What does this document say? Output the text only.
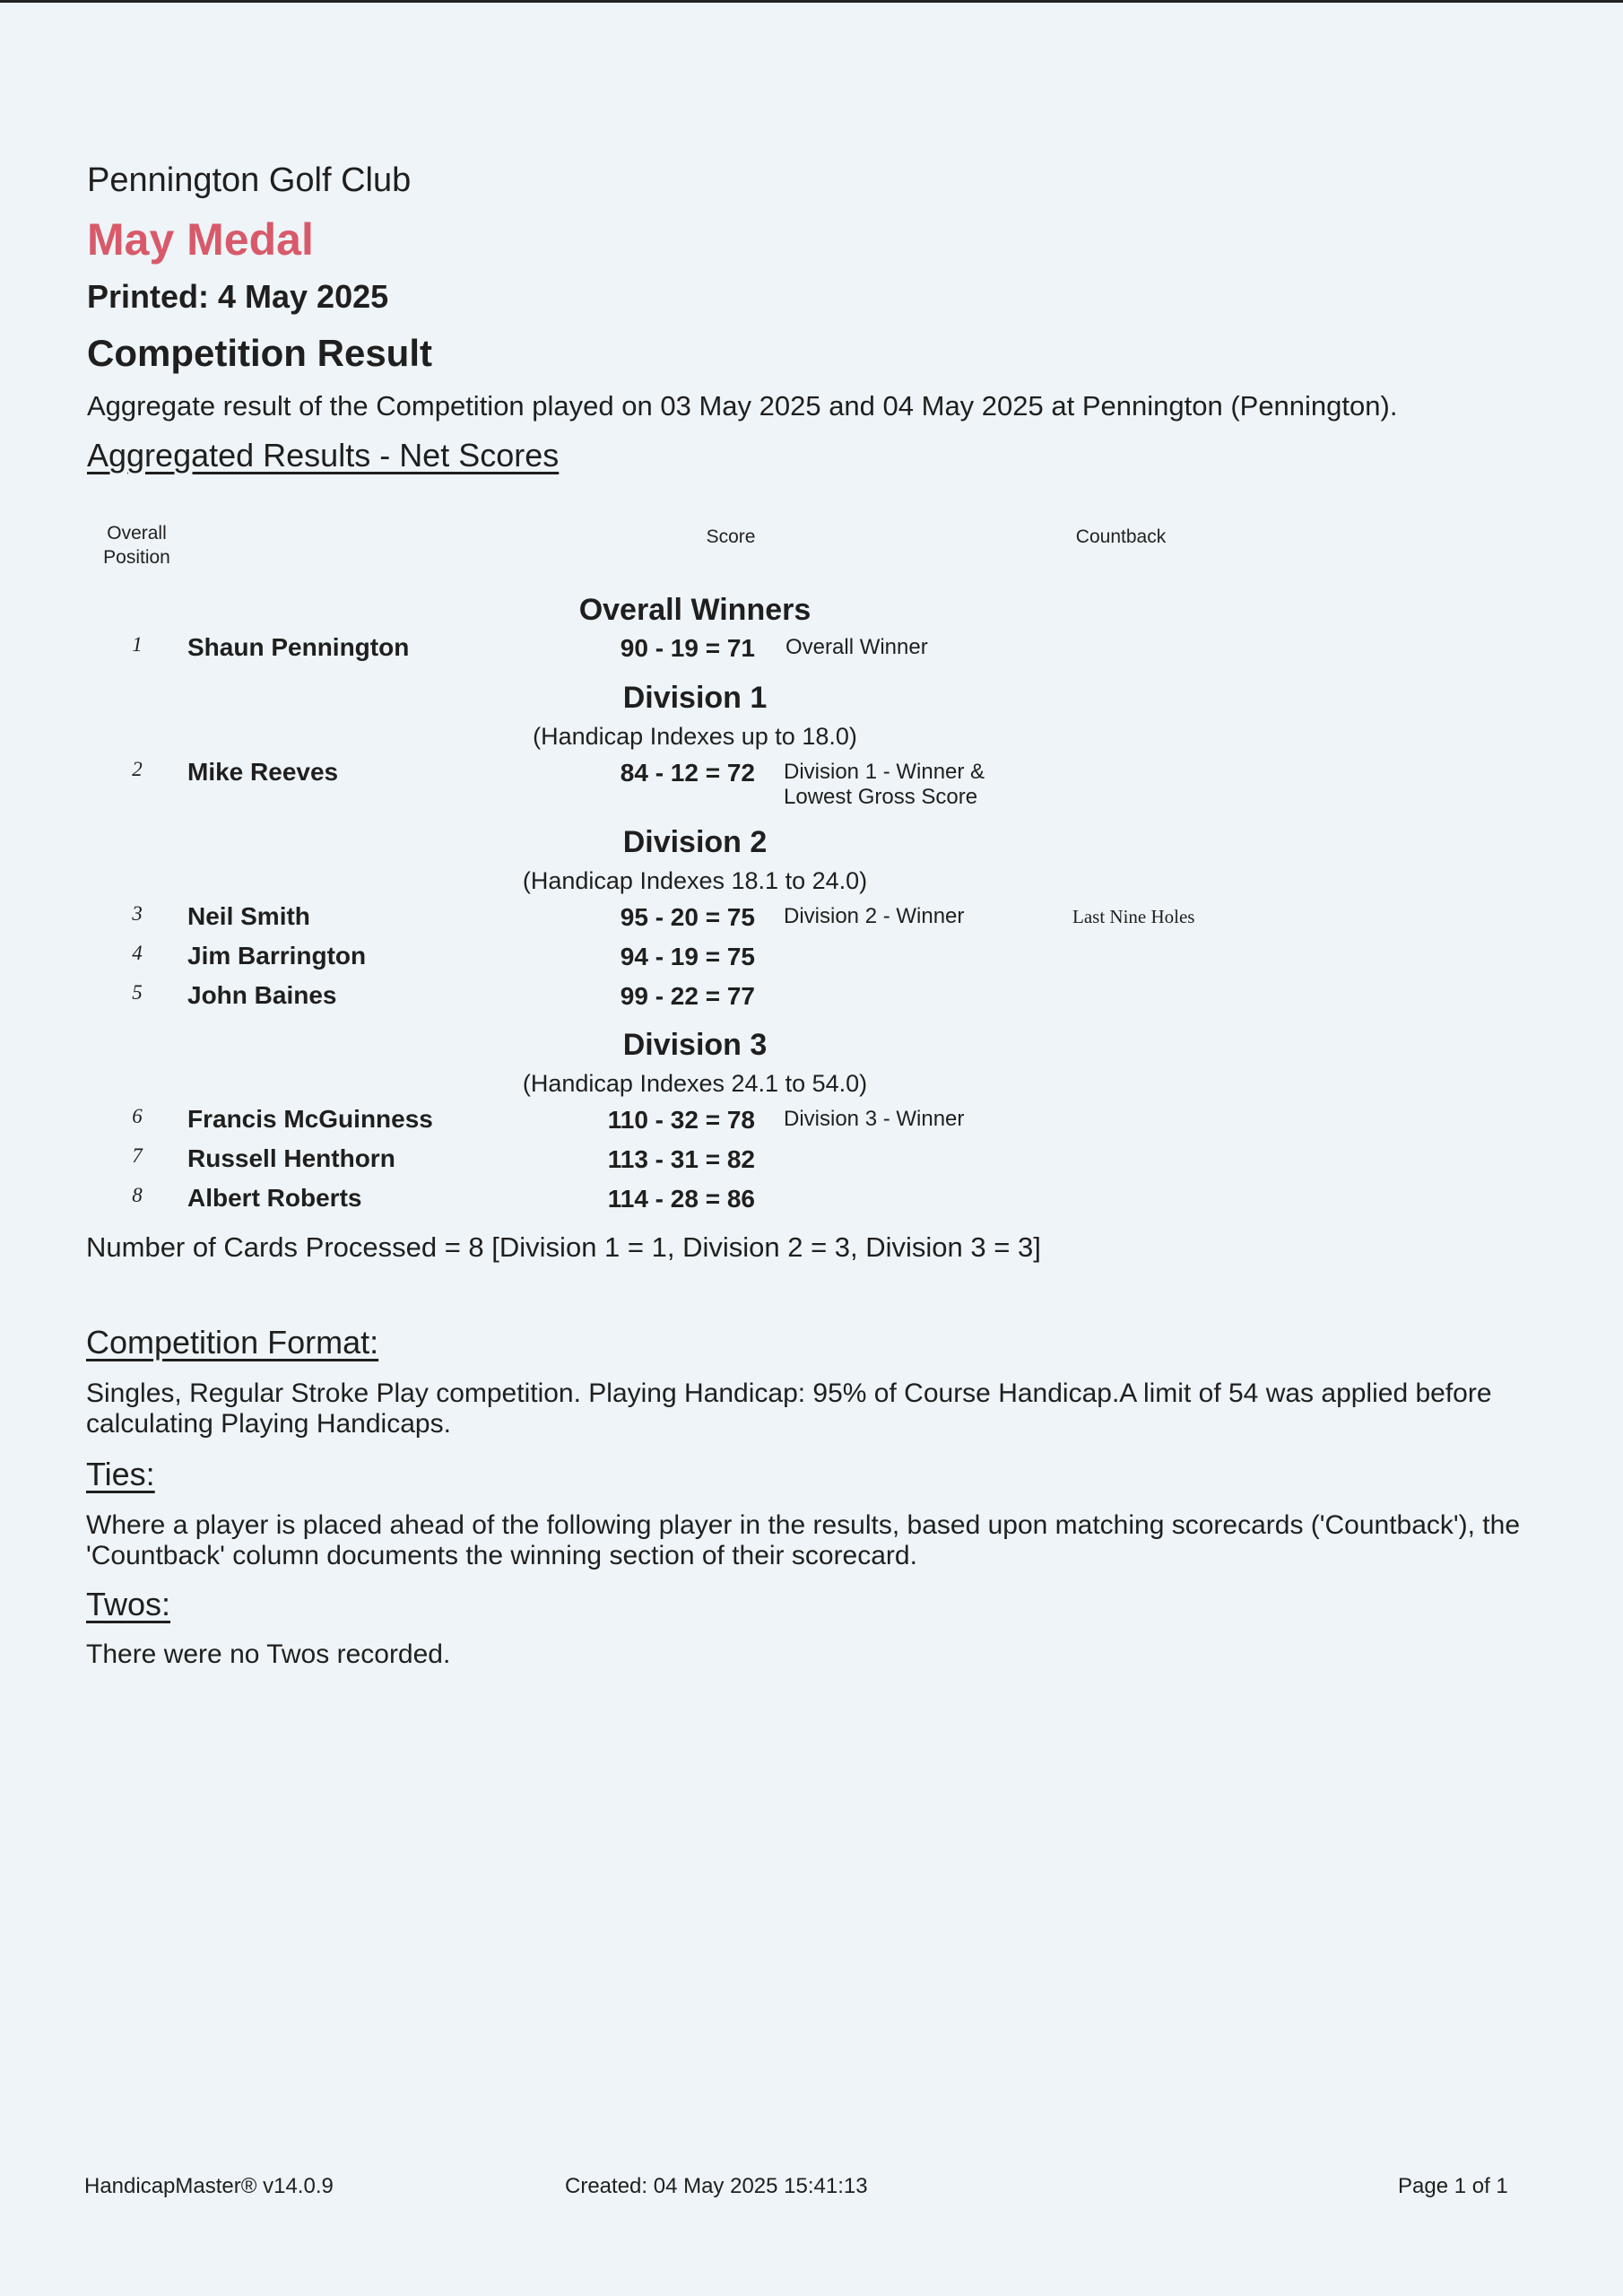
Pennington Golf Club
May Medal
Printed: 4 May 2025
Competition Result
Aggregate result of the Competition played on 03 May 2025 and 04 May 2025 at Pennington (Pennington).
Aggregated Results - Net Scores
Overall Position
Score	Countback
Overall Winners
1	Shaun Pennington	90 - 19 = 71 Overall Winner
Division 1
(Handicap Indexes up to 18.0)
2	Mike Reeves	84 - 12 = 72 Division 1 - Winner & Lowest Gross Score
Division 2
(Handicap Indexes 18.1 to 24.0)
3	Neil Smith	95 - 20 = 75 Division 2 - Winner	Last Nine Holes
4	Jim Barrington	94 - 19 = 75
5	John Baines	99 - 22 = 77
Division 3
(Handicap Indexes 24.1 to 54.0)
6	Francis McGuinness	110 - 32 = 78 Division 3 - Winner
7	Russell Henthorn	113 - 31 = 82
8	Albert Roberts	114 - 28 = 86
Number of Cards Processed = 8 [Division 1 = 1, Division 2 = 3, Division 3 = 3]
Competition Format:
Singles, Regular Stroke Play competition. Playing Handicap: 95% of Course Handicap.A limit of 54 was applied before calculating Playing Handicaps.
Ties:
Where a player is placed ahead of the following player in the results, based upon matching scorecards ('Countback'), the 'Countback' column documents the winning section of their scorecard.
Twos:
There were no Twos recorded.
HandicapMaster® v14.0.9	Created: 04 May 2025 15:41:13	Page 1 of 1
